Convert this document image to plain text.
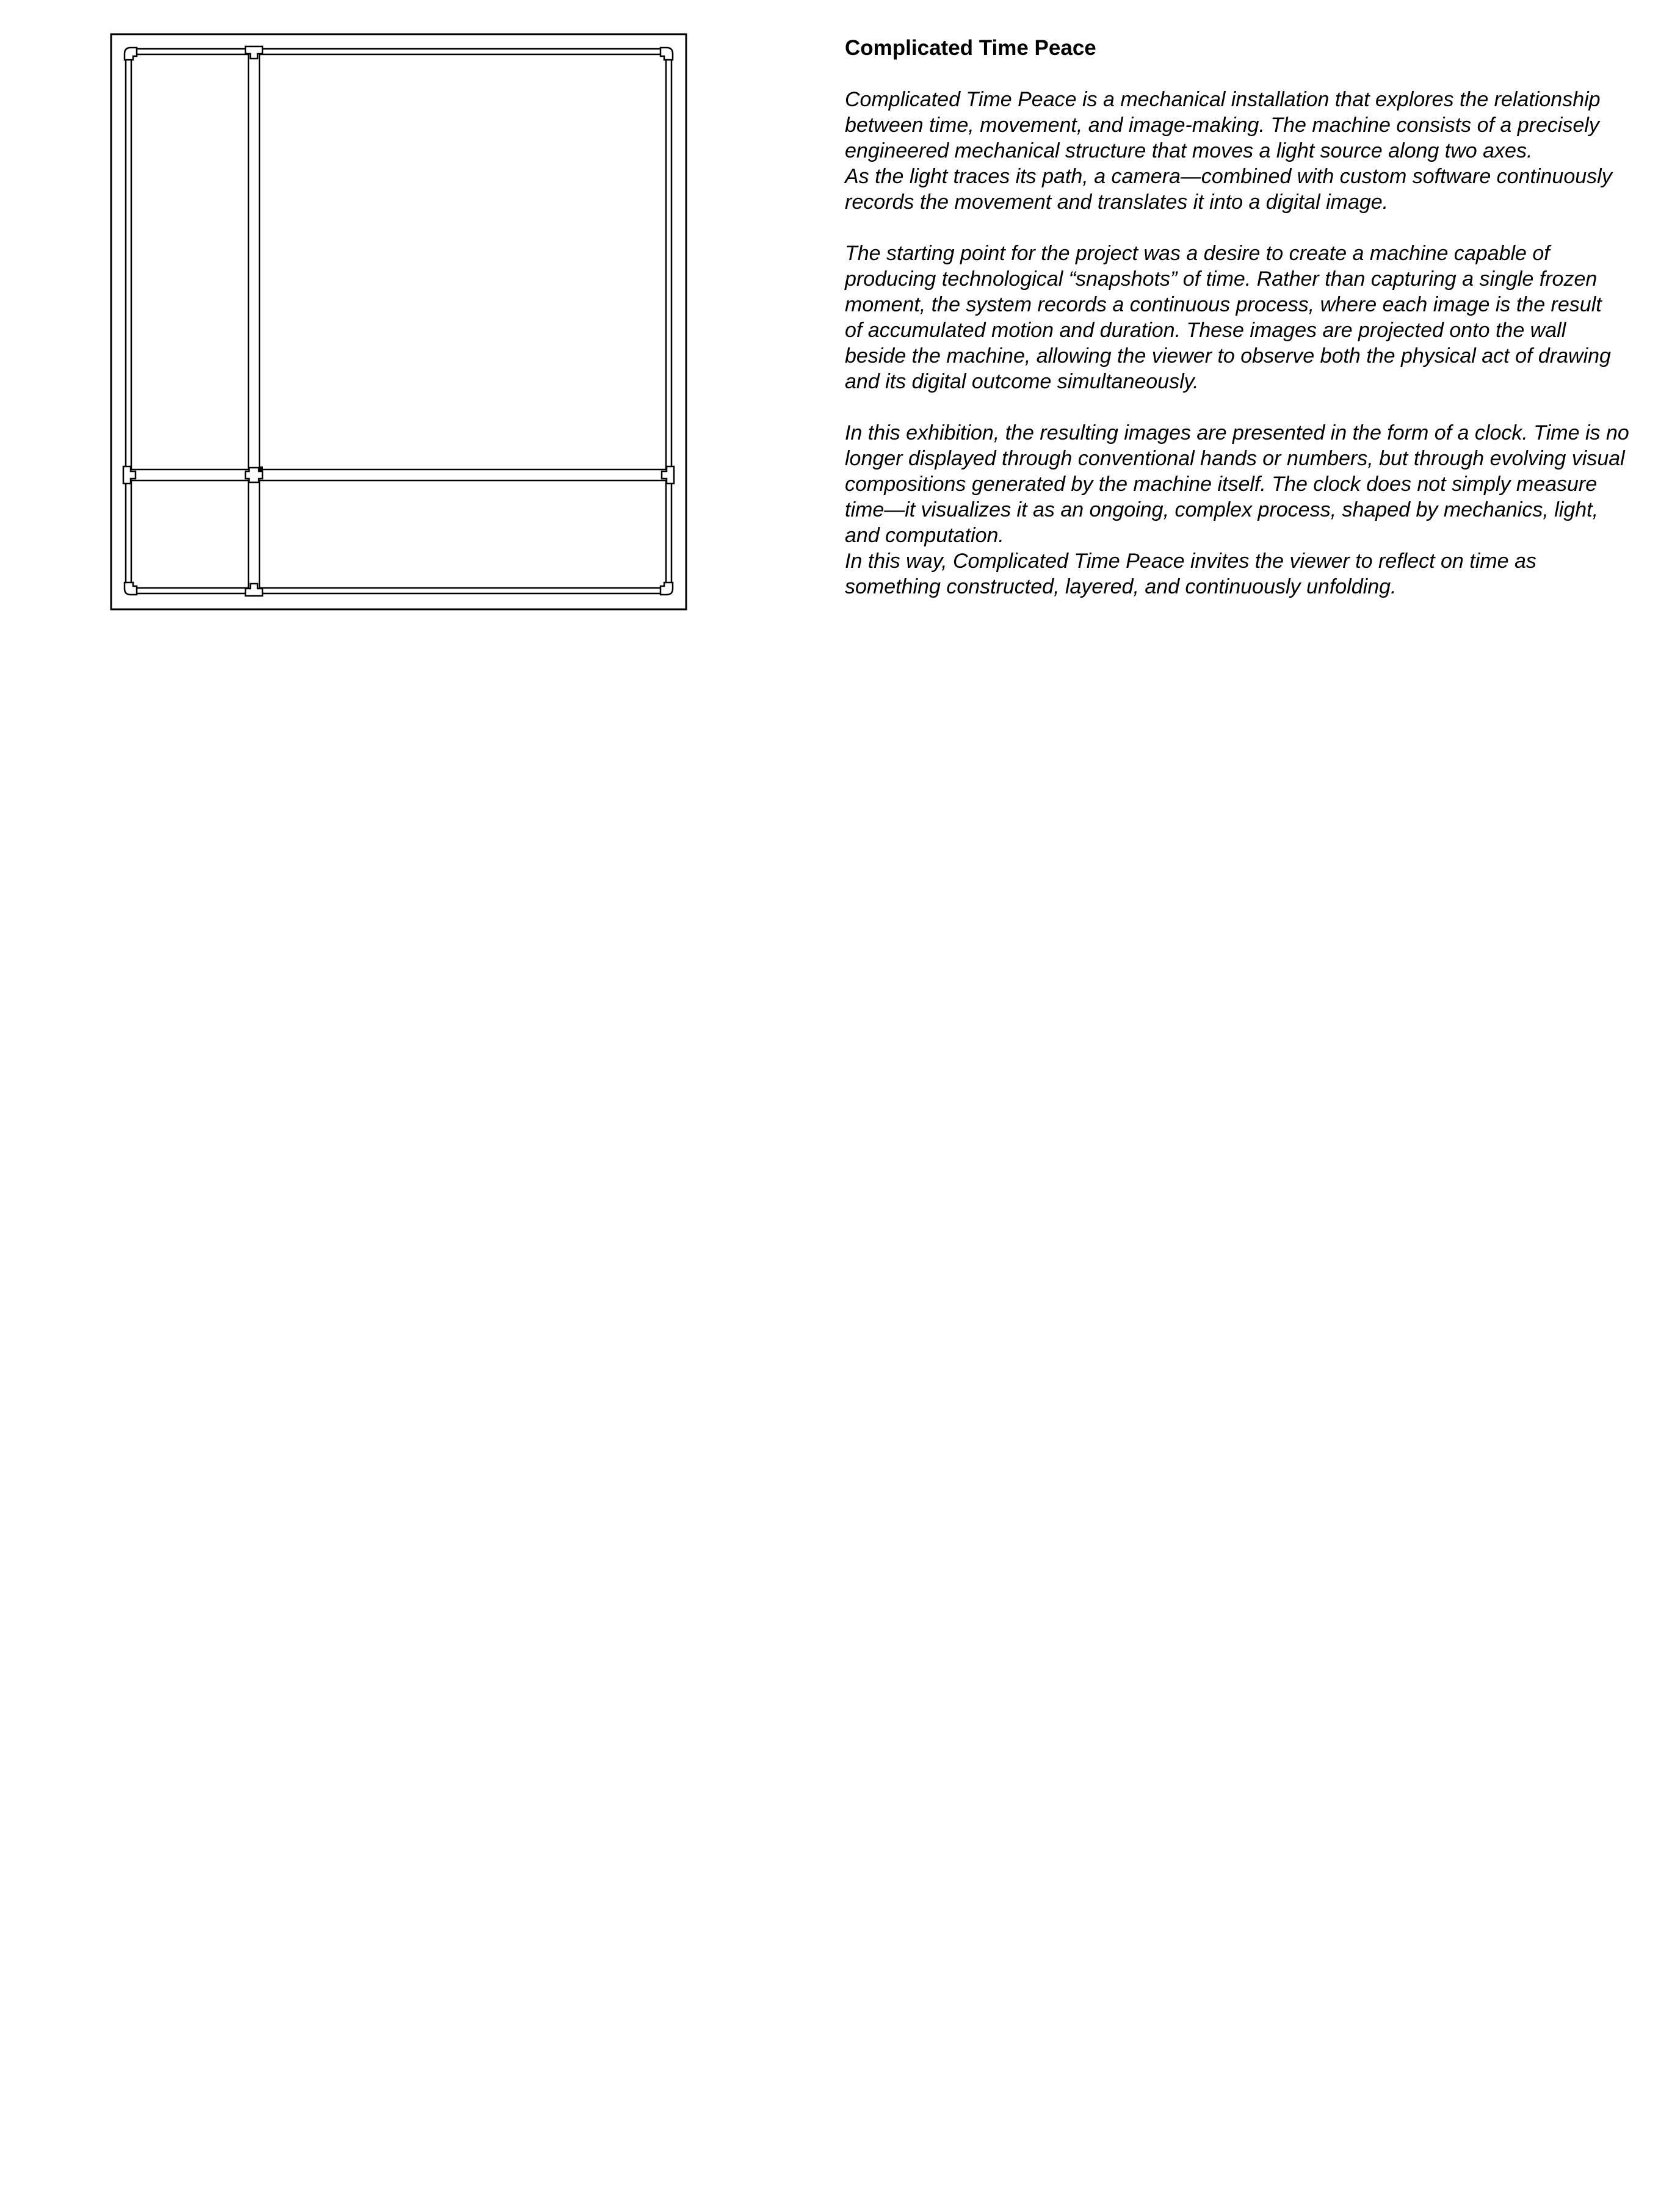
Complicated Time Peace

Complicated Time Peace is a mechanical installation that explores the relationship
between time, movement, and image-making. The machine consists of a precisely
engineered mechanical structure that moves a light source along two axes.
As the light traces its path, a camera—combined with custom software continuously
records the movement and translates it into a digital image.

The starting point for the project was a desire to create a machine capable of
producing technological “snapshots” of time. Rather than capturing a single frozen
moment, the system records a continuous process, where each image is the result
of accumulated motion and duration. These images are projected onto the wall
beside the machine, allowing the viewer to observe both the physical act of drawing
and its digital outcome simultaneously.

In this exhibition, the resulting images are presented in the form of a clock. Time is no
longer displayed through conventional hands or numbers, but through evolving visual
compositions generated by the machine itself. The clock does not simply measure
time—it visualizes it as an ongoing, complex process, shaped by mechanics, light,
and computation.
In this way, Complicated Time Peace invites the viewer to reflect on time as
something constructed, layered, and continuously unfolding.
